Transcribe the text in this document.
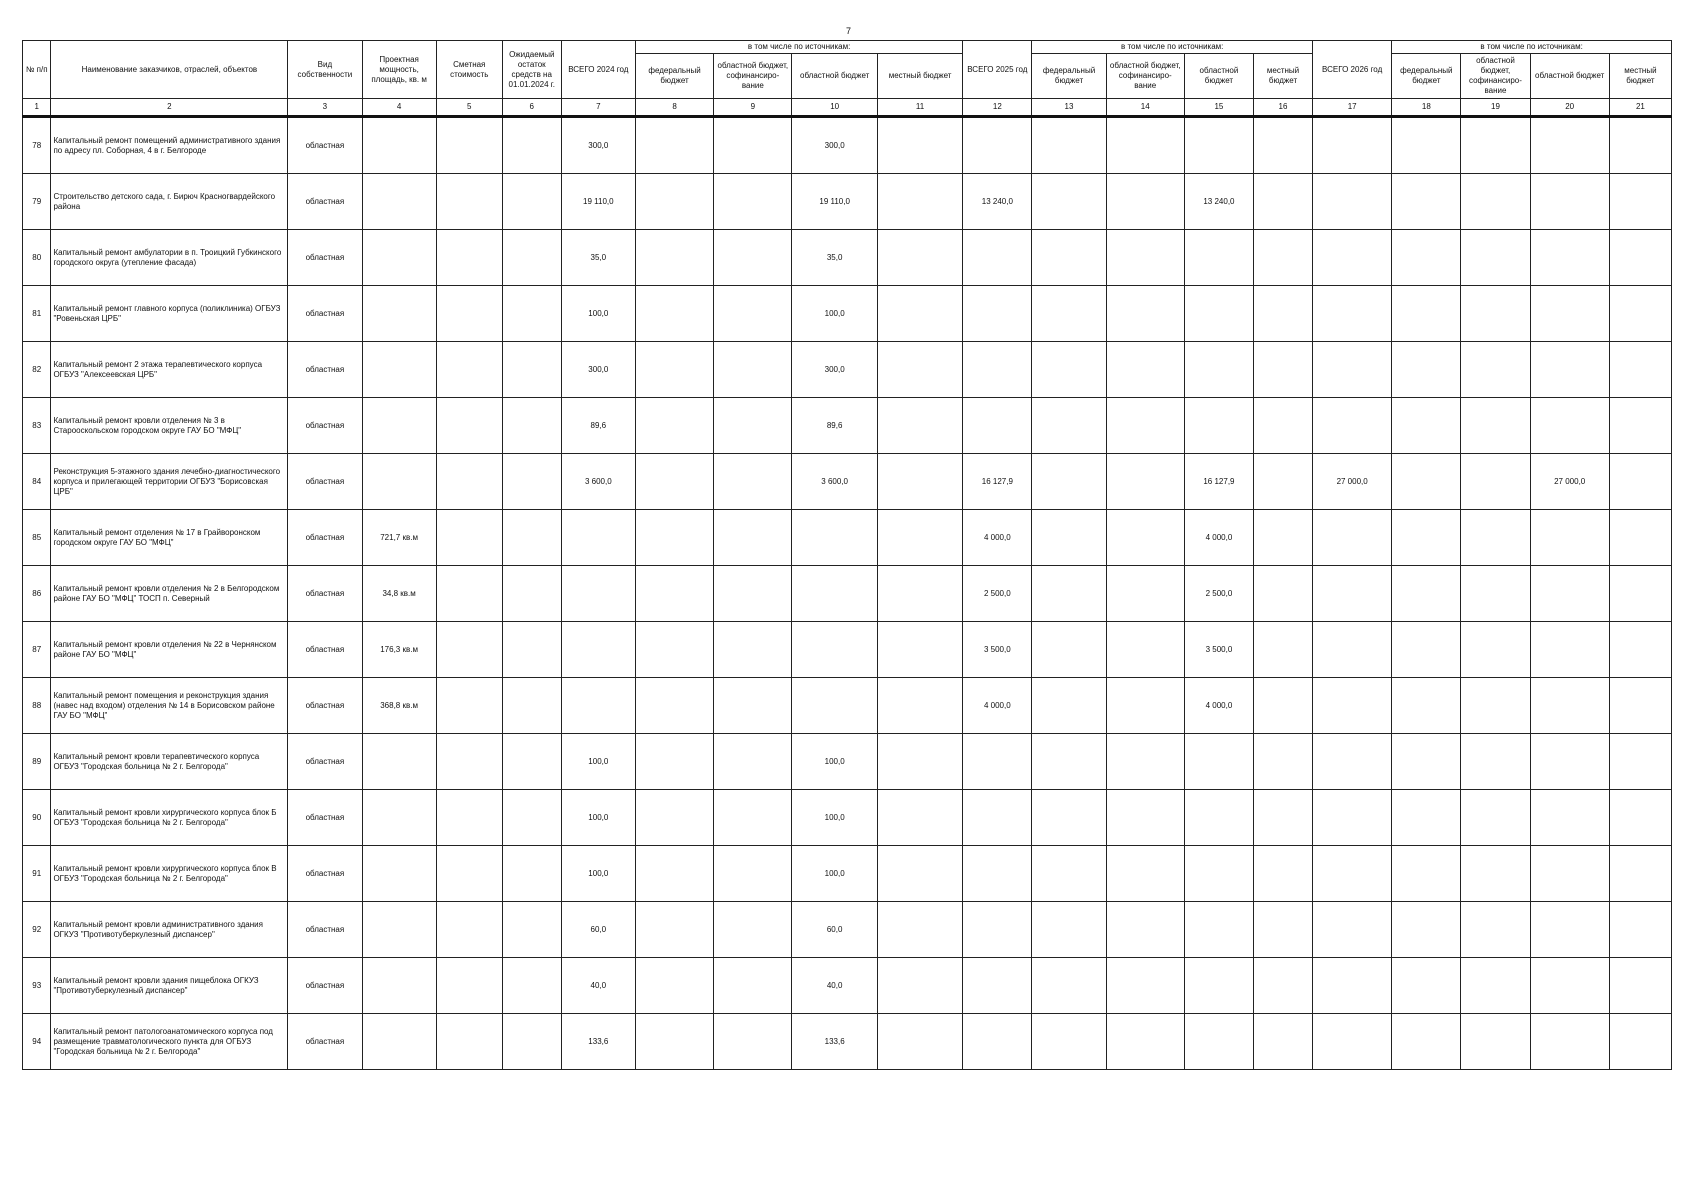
7
№ п/п	Наименование заказчиков, отраслей, объектов	Вид собственности	Проектная мощность, площадь, кв. м	Сметная стоимость	Ожидаемый остаток средств на 01.01.2024 г.	ВСЕГО 2024 год	в том числе по источникам:				ВСЕГО 2025 год	в том числе по источникам:				ВСЕГО 2026 год	в том числе по источникам:			
							федеральный бюджет	областной бюджет, софинансиро-вание	областной бюджет	местный бюджет		федеральный бюджет	областной бюджет, софинансиро-вание	областной бюджет	местный бюджет		федеральный бюджет	областной бюджет, софинансиро-вание	областной бюджет	местный бюджет
1	2	3	4	5	6	7	8	9	10	11	12	13	14	15	16	17	18	19	20	21
78	Капитальный ремонт помещений административного здания по адресу пл. Соборная, 4 в г. Белгороде	областная				300,0			300,0											
79	Строительство детского сада, г. Бирюч Красногвардейского района	областная				19 110,0			19 110,0		13 240,0			13 240,0						
80	Капитальный ремонт амбулатории в п. Троицкий Губкинского городского округа (утепление фасада)	областная				35,0			35,0											
81	Капитальный ремонт главного корпуса (поликлиника) ОГБУЗ "Ровеньская ЦРБ"	областная				100,0			100,0											
82	Капитальный ремонт 2 этажа терапевтического корпуса ОГБУЗ "Алексеевская ЦРБ"	областная				300,0			300,0											
83	Капитальный ремонт кровли отделения № 3 в Старооскольском городском округе ГАУ БО "МФЦ"	областная				89,6			89,6											
84	Реконструкция 5-этажного здания лечебно-диагностического корпуса и прилегающей территории ОГБУЗ "Борисовская ЦРБ"	областная				3 600,0			3 600,0		16 127,9			16 127,9		27 000,0			27 000,0	
85	Капитальный ремонт отделения № 17 в Грайворонском городском округе ГАУ БО "МФЦ"	областная	721,7 кв.м								4 000,0			4 000,0						
86	Капитальный ремонт кровли отделения № 2 в Белгородском районе ГАУ БО "МФЦ" ТОСП п. Северный	областная	34,8 кв.м								2 500,0			2 500,0						
87	Капитальный ремонт кровли отделения № 22 в Чернянском районе ГАУ БО "МФЦ"	областная	176,3 кв.м								3 500,0			3 500,0						
88	Капитальный ремонт помещения и реконструкция здания (навес над входом) отделения № 14 в Борисовском районе ГАУ БО "МФЦ"	областная	368,8 кв.м								4 000,0			4 000,0						
89	Капитальный ремонт кровли терапевтического корпуса ОГБУЗ "Городская больница № 2 г. Белгорода"	областная				100,0			100,0											
90	Капитальный ремонт кровли хирургического корпуса блок Б ОГБУЗ "Городская больница № 2 г. Белгорода"	областная				100,0			100,0											
91	Капитальный ремонт кровли хирургического корпуса блок В ОГБУЗ "Городская больница № 2 г. Белгорода"	областная				100,0			100,0											
92	Капитальный ремонт кровли административного здания ОГКУЗ "Противотуберкулезный диспансер"	областная				60,0			60,0											
93	Капитальный ремонт кровли здания пищеблока ОГКУЗ "Противотуберкулезный диспансер"	областная				40,0			40,0											
94	Капитальный ремонт патологоанатомического корпуса под размещение травматологического пункта для ОГБУЗ "Городская больница № 2 г. Белгорода"	областная				133,6			133,6											
